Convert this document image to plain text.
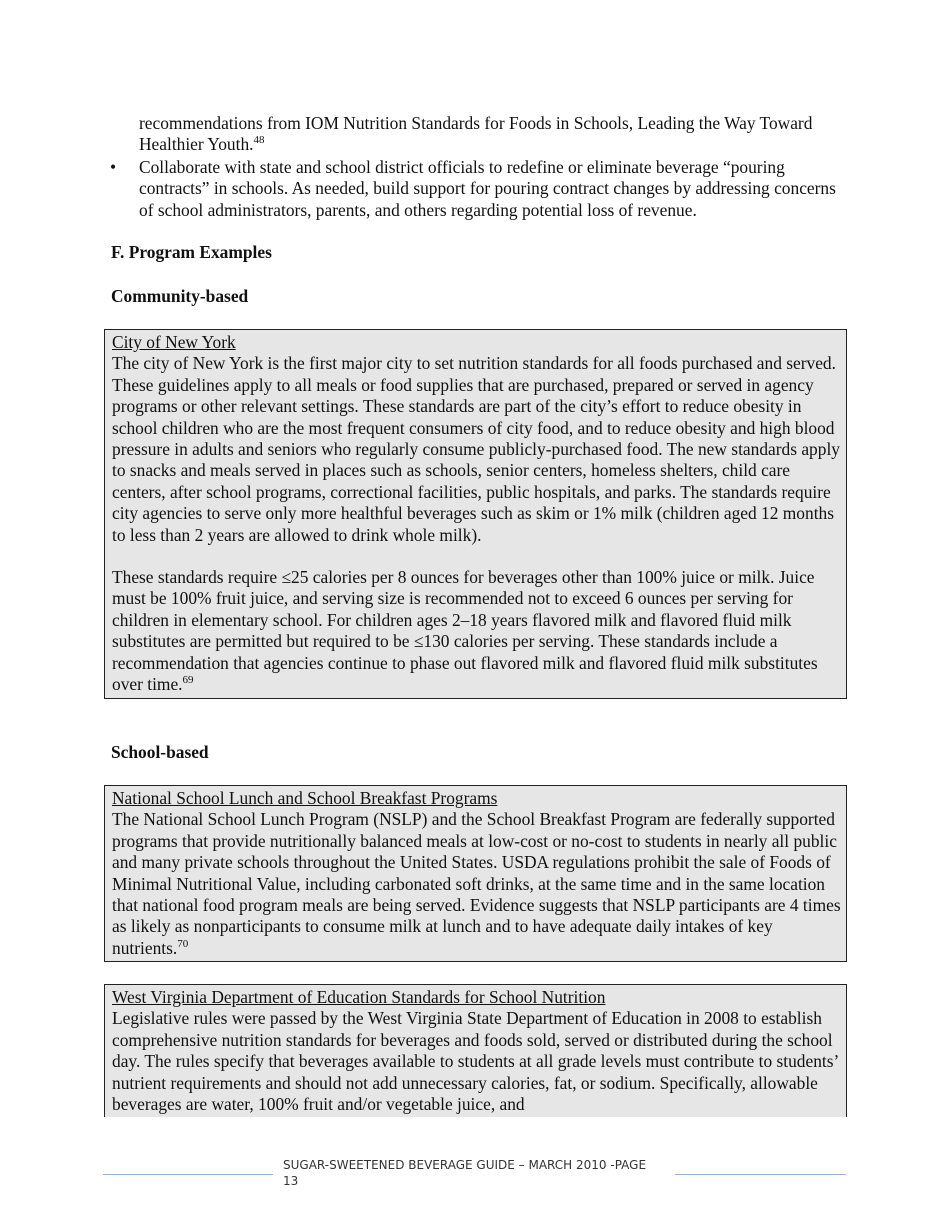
recommendations from IOM Nutrition Standards for Foods in Schools, Leading the Way Toward Healthier Youth.$^{48}$
• Collaborate with state and school district officials to redefine or eliminate beverage “pouring contracts” in schools. As needed, build support for pouring contract changes by addressing concerns of school administrators, parents, and others regarding potential loss of revenue.
F. Program Examples
Community-based
City of New York

The city of New York is the first major city to set nutrition standards for all foods purchased and served. These guidelines apply to all meals or food supplies that are purchased, prepared or served in agency programs or other relevant settings. These standards are part of the city’s effort to reduce obesity in school children who are the most frequent consumers of city food, and to reduce obesity and high blood pressure in adults and seniors who regularly consume publicly-purchased food. The new standards apply to snacks and meals served in places such as schools, senior centers, homeless shelters, child care centers, after school programs, correctional facilities, public hospitals, and parks. The standards require city agencies to serve only more healthful beverages such as skim or 1% milk (children aged 12 months to less than 2 years are allowed to drink whole milk).

These standards require ≤25 calories per 8 ounces for beverages other than 100% juice or milk. Juice must be 100% fruit juice, and serving size is recommended not to exceed 6 ounces per serving for children in elementary school. For children ages 2–18 years flavored milk and flavored fluid milk substitutes are permitted but required to be ≤130 calories per serving. These standards include a recommendation that agencies continue to phase out flavored milk and flavored fluid milk substitutes over time.$^{69}$

School-based
National School Lunch and School Breakfast Programs

The National School Lunch Program (NSLP) and the School Breakfast Program are federally supported programs that provide nutritionally balanced meals at low-cost or no-cost to students in nearly all public and many private schools throughout the United States. USDA regulations prohibit the sale of Foods of Minimal Nutritional Value, including carbonated soft drinks, at the same time and in the same location that national food program meals are being served. Evidence suggests that NSLP participants are 4 times as likely as nonparticipants to consume milk at lunch and to have adequate daily intakes of key nutrients.$^{70}$

West Virginia Department of Education Standards for School Nutrition

Legislative rules were passed by the West Virginia State Department of Education in 2008 to establish comprehensive nutrition standards for beverages and foods sold, served or distributed during the school day. The rules specify that beverages available to students at all grade levels must contribute to students’ nutrient requirements and should not add unnecessary calories, fat, or sodium. Specifically, allowable beverages are water, 100% fruit and/or vegetable juice, and

SUGAR-SWEETENED BEVERAGE GUIDE – MARCH 2010 -PAGE 13
